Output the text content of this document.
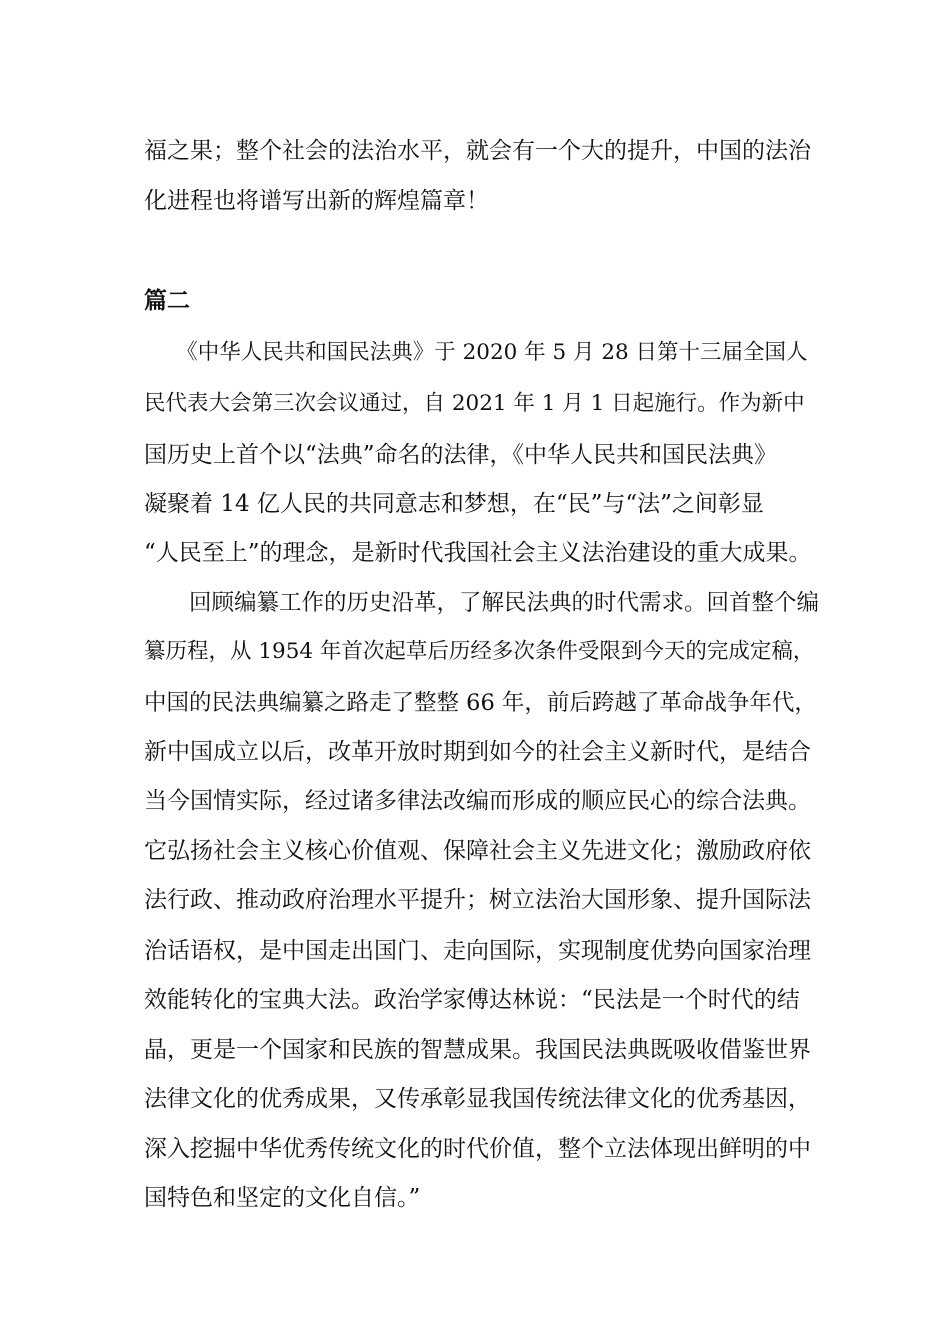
福之果；整个社会的法治水平，就会有一个大的提升，中国的法治
化进程也将谱写出新的辉煌篇章！
篇二
　　《中华人民共和国民法典》于 2020 年 5 月 28 日第十三届全国人
民代表大会第三次会议通过，自 2021 年 1 月 1 日起施行。作为新中
国历史上首个以“法典”命名的法律，《中华人民共和国民法典》
凝聚着 14 亿人民的共同意志和梦想，在“民”与“法”之间彰显
“人民至上”的理念，是新时代我国社会主义法治建设的重大成果。
　　回顾编纂工作的历史沿革，了解民法典的时代需求。回首整个编
纂历程，从 1954 年首次起草后历经多次条件受限到今天的完成定稿，
中国的民法典编纂之路走了整整 66 年，前后跨越了革命战争年代，
新中国成立以后，改革开放时期到如今的社会主义新时代，是结合
当今国情实际，经过诸多律法改编而形成的顺应民心的综合法典。
它弘扬社会主义核心价值观、保障社会主义先进文化；激励政府依
法行政、推动政府治理水平提升；树立法治大国形象、提升国际法
治话语权，是中国走出国门、走向国际，实现制度优势向国家治理
效能转化的宝典大法。政治学家傅达林说：“民法是一个时代的结
晶，更是一个国家和民族的智慧成果。我国民法典既吸收借鉴世界
法律文化的优秀成果，又传承彰显我国传统法律文化的优秀基因，
深入挖掘中华优秀传统文化的时代价值，整个立法体现出鲜明的中
国特色和坚定的文化自信。”
